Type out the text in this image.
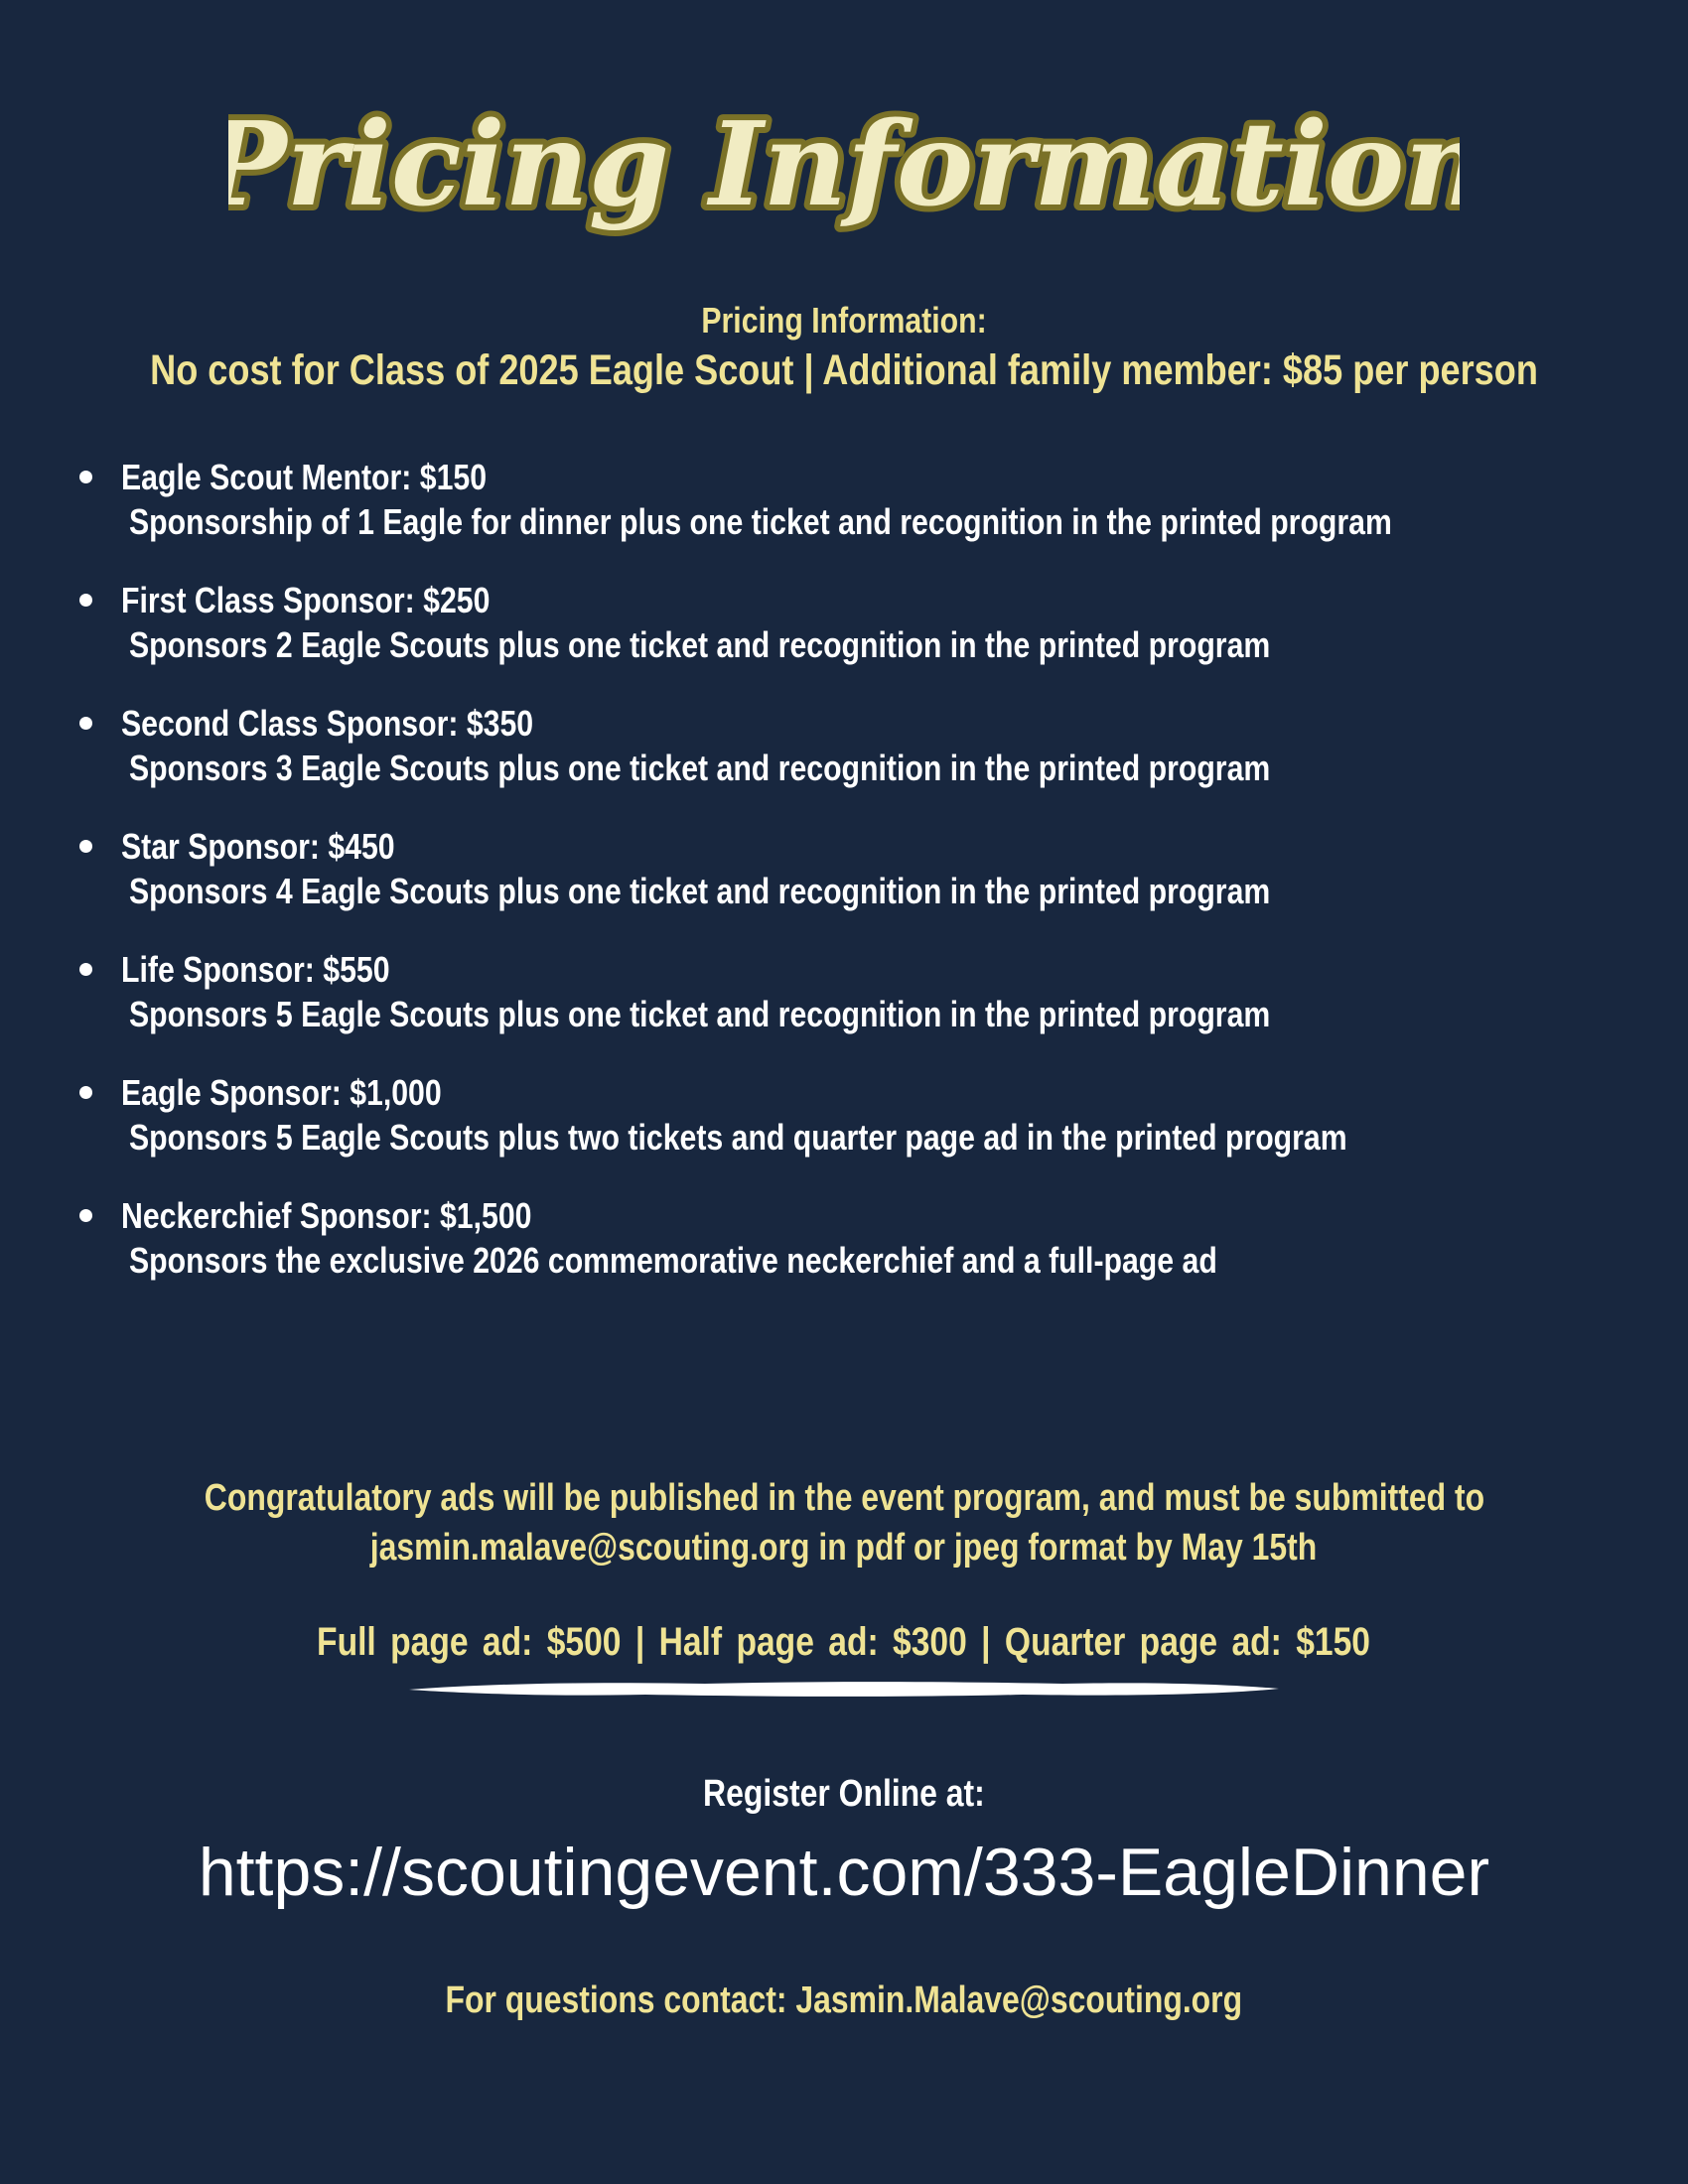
Pricing Information
Pricing Information:
No cost for Class of 2025 Eagle Scout | Additional family member: $85 per person
Eagle Scout Mentor: $150
Sponsorship of 1 Eagle for dinner plus one ticket and recognition in the printed program
First Class Sponsor: $250
Sponsors 2 Eagle Scouts plus one ticket and recognition in the printed program
Second Class Sponsor: $350
Sponsors 3 Eagle Scouts plus one ticket and recognition in the printed program
Star Sponsor: $450
Sponsors 4 Eagle Scouts plus one ticket and recognition in the printed program
Life Sponsor: $550
Sponsors 5 Eagle Scouts plus one ticket and recognition in the printed program
Eagle Sponsor: $1,000
Sponsors 5 Eagle Scouts plus two tickets and quarter page ad in the printed program
Neckerchief Sponsor: $1,500
Sponsors the exclusive 2026 commemorative neckerchief and a full-page ad
Congratulatory ads will be published in the event program, and must be submitted to
jasmin.malave@scouting.org in pdf or jpeg format by May 15th
Full page ad: $500 | Half page ad: $300 | Quarter page ad: $150
Register Online at:
https://scoutingevent.com/333-EagleDinner
For questions contact: Jasmin.Malave@scouting.org
